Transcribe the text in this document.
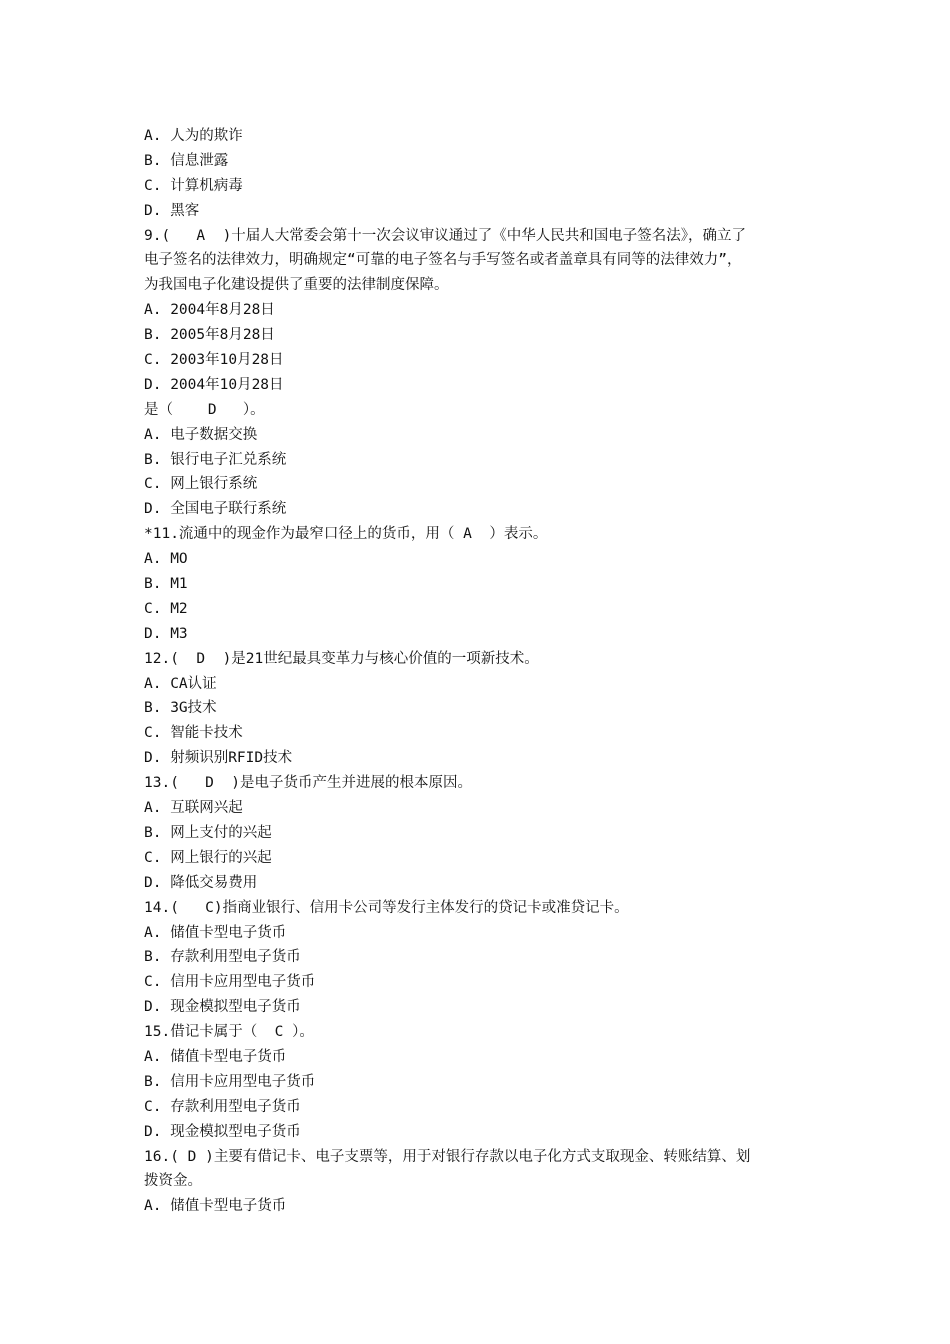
A. 人为的欺诈
B. 信息泄露
C. 计算机病毒
D. 黑客
9.(   A  )十届人大常委会第十一次会议审议通过了《中华人民共和国电子签名法》，确立了
电子签名的法律效力，明确规定“可靠的电子签名与手写签名或者盖章具有同等的法律效力”，
为我国电子化建设提供了重要的法律制度保障。
A. 2004年8月28日
B. 2005年8月28日
C. 2003年10月28日
D. 2004年10月28日
是（    D   ）。
A. 电子数据交换
B. 银行电子汇兑系统
C. 网上银行系统
D. 全国电子联行系统
*11.流通中的现金作为最窄口径上的货币，用（ A  ）表示。
A. MO
B. M1
C. M2
D. M3
12.(  D  )是21世纪最具变革力与核心价值的一项新技术。
A. CA认证
B. 3G技术
C. 智能卡技术
D. 射频识别RFID技术
13.(   D  )是电子货币产生并进展的根本原因。
A. 互联网兴起
B. 网上支付的兴起
C. 网上银行的兴起
D. 降低交易费用
14.(   C)指商业银行、信用卡公司等发行主体发行的贷记卡或准贷记卡。
A. 储值卡型电子货币
B. 存款利用型电子货币
C. 信用卡应用型电子货币
D. 现金模拟型电子货币
15.借记卡属于（  C ）。
A. 储值卡型电子货币
B. 信用卡应用型电子货币
C. 存款利用型电子货币
D. 现金模拟型电子货币
16.( D )主要有借记卡、电子支票等，用于对银行存款以电子化方式支取现金、转账结算、划
拨资金。
A. 储值卡型电子货币
